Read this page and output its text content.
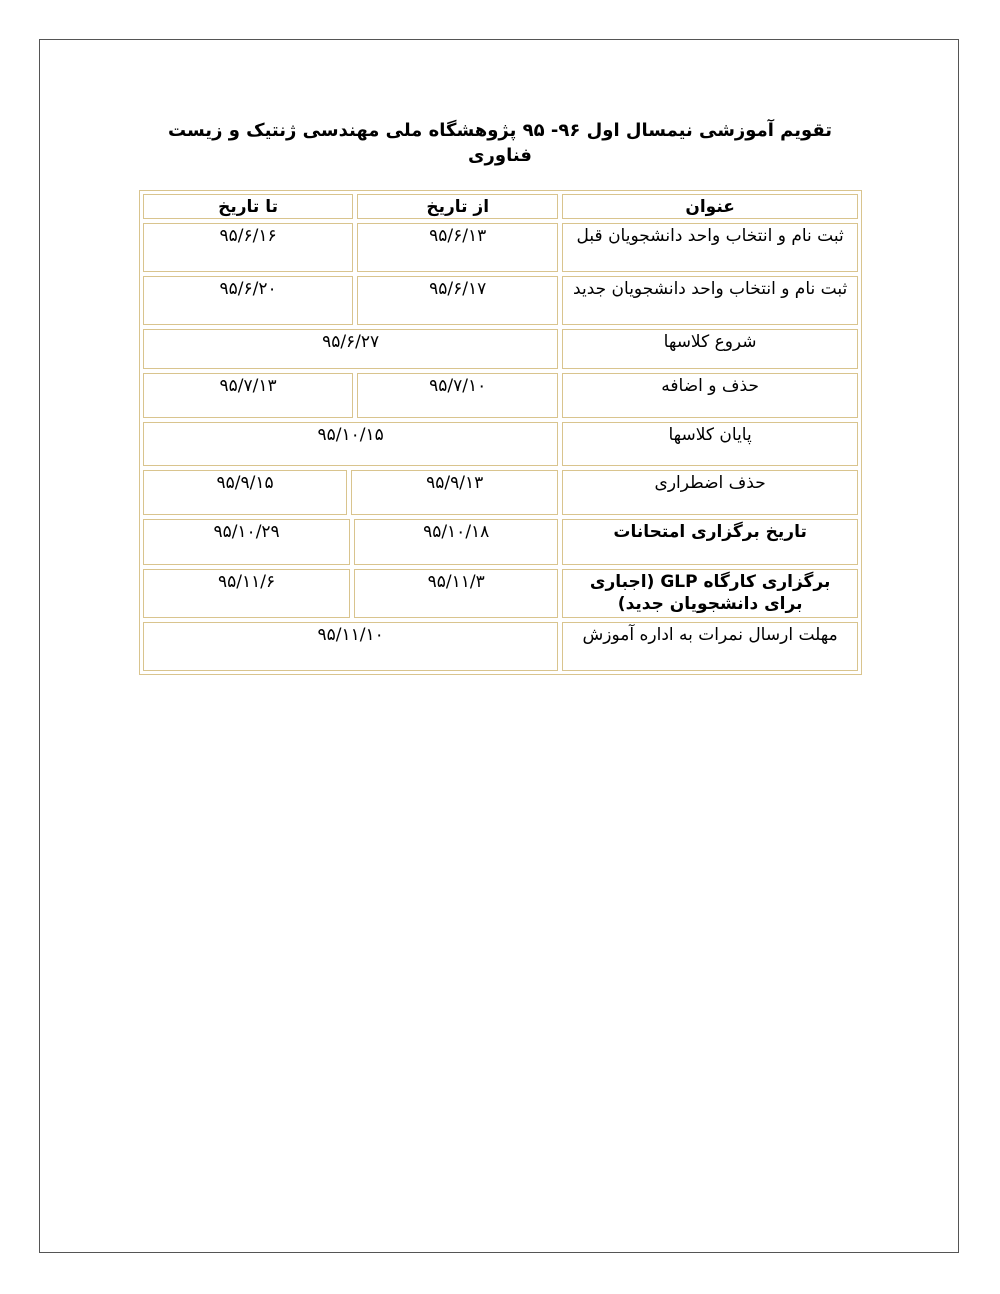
تقویم آموزشی نیمسال اول ۹۶- ۹۵ پژوهشگاه ملی مهندسی ژنتیک و زیست فناوری
عنوان
از تاریخ
تا تاریخ
ثبت نام و انتخاب واحد دانشجویان قبل
۹۵/۶/۱۳
۹۵/۶/۱۶
ثبت نام و انتخاب واحد دانشجویان جدید
۹۵/۶/۱۷
۹۵/۶/۲۰
شروع کلاسها
۹۵/۶/۲۷
حذف و اضافه
۹۵/۷/۱۰
۹۵/۷/۱۳
پایان کلاسها
۹۵/۱۰/۱۵
حذف اضطراری
۹۵/۹/۱۳
۹۵/۹/۱۵
تاریخ برگزاری امتحانات
۹۵/۱۰/۱۸
۹۵/۱۰/۲۹
برگزاری کارگاه GLP (اجباری برای دانشجویان جدید)
۹۵/۱۱/۳
۹۵/۱۱/۶
مهلت ارسال نمرات به اداره آموزش
۹۵/۱۱/۱۰
